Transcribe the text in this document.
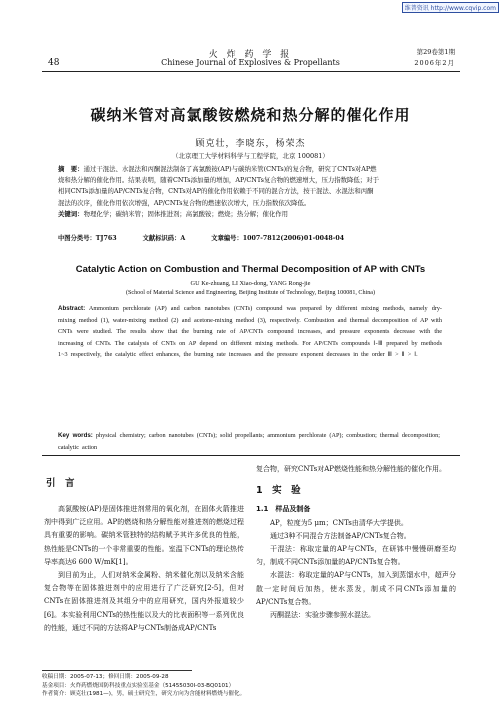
维普资讯 http://www.cqvip.com
48
火 炸 药 学 报
Chinese Journal of Explosives & Propellants
第29卷第1期
2006年2月
碳纳米管对高氯酸铵燃烧和热分解的催化作用
顾克壮，李晓东，杨荣杰
（北京理工大学材料科学与工程学院，北京 100081）
摘　要：通过干混法、水混法和丙酮混法制备了高氯酸铵(AP)与碳纳米管(CNTs)的复合物，研究了CNTs对AP燃
烧和热分解的催化作用。结果表明，随着CNTs添加量的增加，AP/CNTs复合物的燃速增大，压力指数降低；对于
相同CNTs添加量的AP/CNTs复合物，CNTs对AP的催化作用依赖于不同的混合方法，按干混法、水混法和丙酮
混法的次序，催化作用依次增强，AP/CNTs复合物的燃速依次增大，压力指数依次降低。
关键词：物理化学；碳纳米管；固体推进剂；高氯酸铵；燃烧；热分解；催化作用
中图分类号：TJ763	文献标识码：A	文章编号：1007-7812(2006)01-0048-04
Catalytic Action on Combustion and Thermal Decomposition of AP with CNTs
GU Ke-zhuang, LI Xiao-dong, YANG Rong-jie
(School of Material Science and Engineering, Beijing Institute of Technology, Beijing 100081, China)
Abstract: Ammonium perchlorate (AP) and carbon nanotubes (CNTs) compound was prepared by different mixing methods, namely dry-mixing method (1), water-mixing method (2) and acetone-mixing method (3), respectively. Combustion and thermal decomposition of AP with CNTs were studied. The results show that the burning rate of AP/CNTs compound increases, and pressure exponents decrease with the increasing of CNTs. The catalysis of CNTs on AP depend on different mixing methods. For AP/CNTs compounds Ⅰ-Ⅲ prepared by methods 1~3 respectively, the catalytic effect enhances, the burning rate increases and the pressure exponent decreases in the order Ⅲ > Ⅱ > Ⅰ.
Key words: physical chemistry; carbon nanotubes (CNTs); solid propellants; ammonium perchlorate (AP); combustion; thermal decomposition; catalytic action
引　言

高氯酸铵(AP)是固体推进剂常用的氧化剂，在固体火箭推进剂中得到广泛应用。AP的燃烧和热分解性能对推进剂的燃烧过程具有重要的影响。碳纳米管独特的结构赋予其许多优良的性能，热性能是CNTs的一个非常重要的性能。室温下CNTs的理论热传导率高达6 600 W/mK[1]。

到目前为止，人们对纳米金属粉、纳米催化剂以及纳米含能复合物等在固体推进剂中的应用进行了广泛研究[2-5]，但对CNTs在固体推进剂及其组分中的应用研究，国内外报道较少[6]。本实验利用CNTs的热性能以及大的比表面积等一系列优良的性能，通过不同的方法将AP与CNTs制备成AP/CNTs

复合物，研究CNTs对AP燃烧性能和热分解性能的催化作用。
1　实　验
1.1　样品及制备

AP，粒度为5 μm；CNTs由清华大学提供。

通过3种不同混合方法制备AP/CNTs复合物。

干混法：称取定量的AP与CNTs，在研钵中慢慢研磨至均匀，制成不同CNTs添加量的AP/CNTs复合物。

水混法：称取定量的AP与CNTs，加入到蒸馏水中，超声分散一定时间后加热，使水蒸发，制成不同CNTs添加量的AP/CNTs复合物。

丙酮混法：实验步骤参照水混法。

收稿日期：2005-07-13；修回日期：2005-09-28
基金项目：火炸药燃烧国防科技重点实验室基金（51455030I-03-BQ0101）
作者简介：顾克壮(1981—)，男，硕士研究生，研究方向为含能材料燃烧与催化。
